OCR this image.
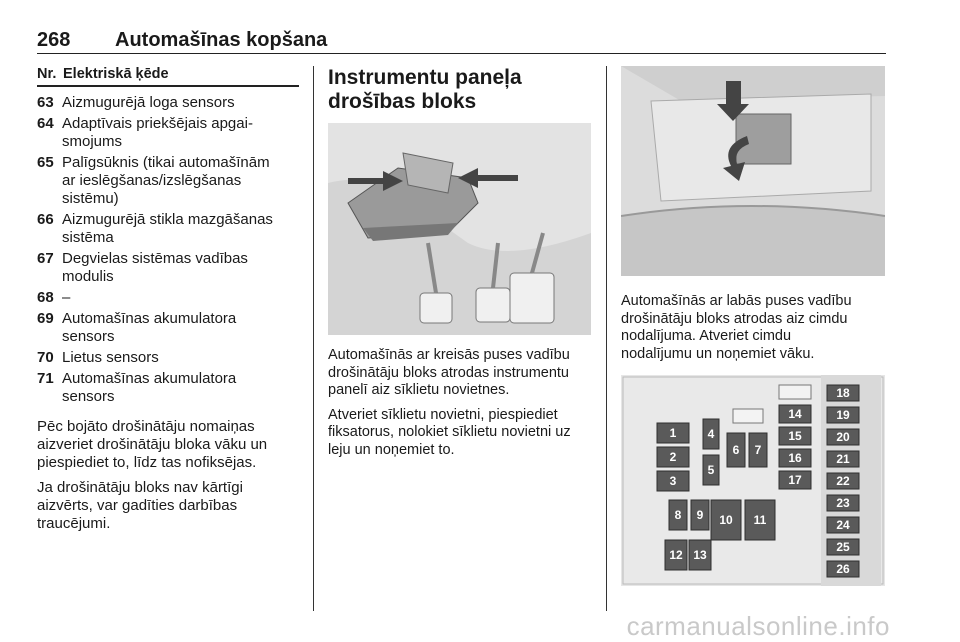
268 Automašīnas kopšana
Nr. Elektriskā ķēde
63 Aizmugurējā loga sensors
64 Adaptīvais priekšējais apgai-
smojums
65 Palīgsūknis (tikai automašīnām
ar ieslēgšanas/izslēgšanas
sistēmu)
66 Aizmugurējā stikla mazgāšanas
sistēma
67 Degvielas sistēmas vadības
modulis
68 –
69 Automašīnas akumulatora
sensors
70 Lietus sensors
71 Automašīnas akumulatora
sensors
Pēc bojāto drošinātāju nomaiņas
aizveriet drošinātāju bloka vāku un
piespiediet to, līdz tas nofiksējas.
Ja drošinātāju bloks nav kārtīgi
aizvērts, var gadīties darbības
traucējumi.
Instrumentu paneļa
drošības bloks
Automašīnās ar kreisās puses vadību
drošinātāju bloks atrodas instrumentu
panelī aiz sīklietu novietnes.
Atveriet sīklietu novietni, piespiediet
fiksatorus, nolokiet sīklietu novietni uz
leju un noņemiet to.
Automašīnās ar labās puses vadību
drošinātāju bloks atrodas aiz cimdu
nodalījuma. Atveriet cimdu
nodalījumu un noņemiet vāku.
1
2
3
4
5
6 7
8 9 10 11
12 13
14
15
16
17
18
19
20
21
22
23
24
25
26
carmanualsonline.info
